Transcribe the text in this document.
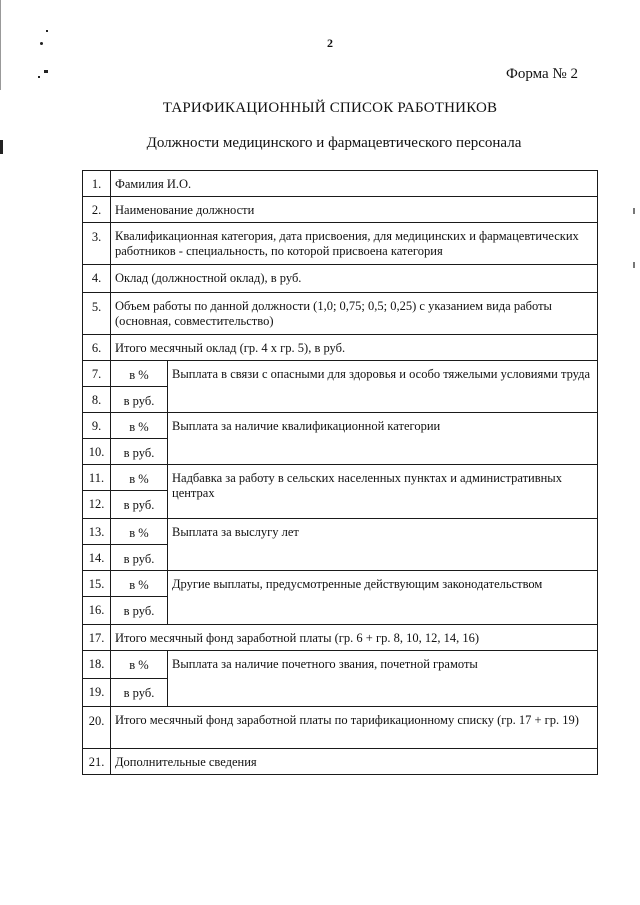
2
Форма № 2
ТАРИФИКАЦИОННЫЙ СПИСОК РАБОТНИКОВ
Должности медицинского и фармацевтического персонала
1.	Фамилия И.О.	
2.	Наименование должности	
3.	Квалификационная категория, дата присвоения, для медицинских и фармацевтических работников - специальность, по которой присвоена категория	
4.	Оклад (должностной оклад), в руб.	
5.	Объем работы по данной должности (1,0; 0,75; 0,5; 0,25) с указанием вида работы (основная, совместительство)	
6.	Итого месячный оклад (гр. 4 х гр. 5), в руб.	
7.	в %	Выплата в связи с опасными для здоровья и особо тяжелыми условиями труда
8.	в руб.	
9.	в %	Выплата за наличие квалификационной категории
10.	в руб.	
11.	в %	Надбавка за работу в сельских населенных пунктах и административных центрах
12.	в руб.	
13.	в %	Выплата за выслугу лет
14.	в руб.	
15.	в %	Другие выплаты, предусмотренные действующим законодательством
16.	в руб.	
17.	Итого месячный фонд заработной платы (гр. 6 + гр. 8, 10, 12, 14, 16)	
18.	в %	Выплата за наличие почетного звания, почетной грамоты
19.	в руб.	
20.	Итого месячный фонд заработной платы по тарификационному списку (гр. 17 + гр. 19)	
21.	Дополнительные сведения	
